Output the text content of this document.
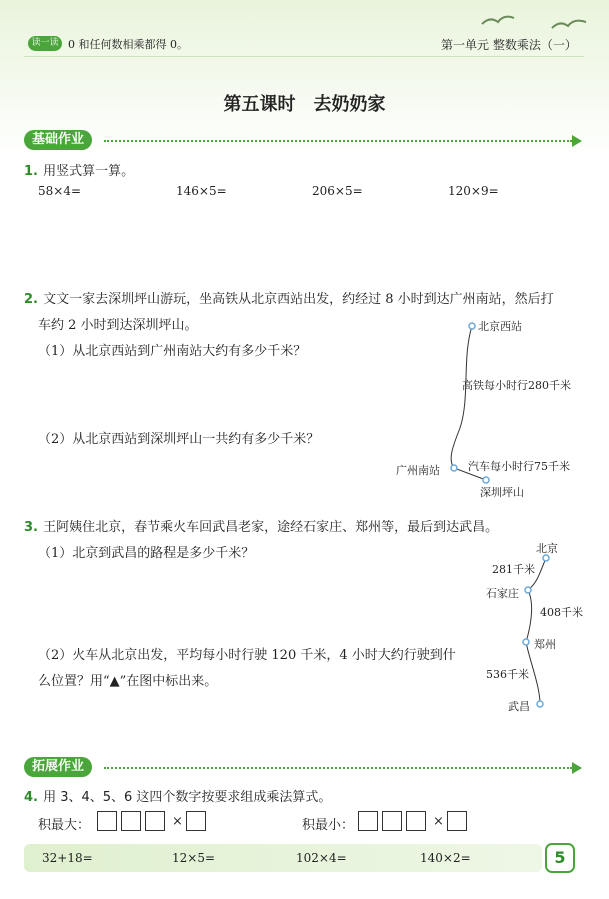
读一读 0 和任何数相乘都得 0。	第一单元 整数乘法（一）
第五课时　去奶奶家
基础作业
1. 用竖式算一算。
58×4=	146×5=	206×5=	120×9=
2. 文文一家去深圳坪山游玩，坐高铁从北京西站出发，约经过 8 小时到达广州南站，然后打
车约 2 小时到达深圳坪山。
（1）从北京西站到广州南站大约有多少千米？
（2）从北京西站到深圳坪山一共约有多少千米？
北京西站
高铁每小时行280千米
广州南站	汽车每小时行75千米
深圳坪山
3. 王阿姨住北京，春节乘火车回武昌老家，途经石家庄、郑州等，最后到达武昌。
（1）北京到武昌的路程是多少千米？
（2）火车从北京出发，平均每小时行驶 120 千米，4 小时大约行驶到什
么位置？用“▲”在图中标出来。
北京
281千米
石家庄
408千米
郑州
536千米
武昌
拓展作业
4. 用 3、4、5、6 这四个数字按要求组成乘法算式。
积最大：	×	积最小：	×
32+18=	12×5=	102×4=	140×2=	5
